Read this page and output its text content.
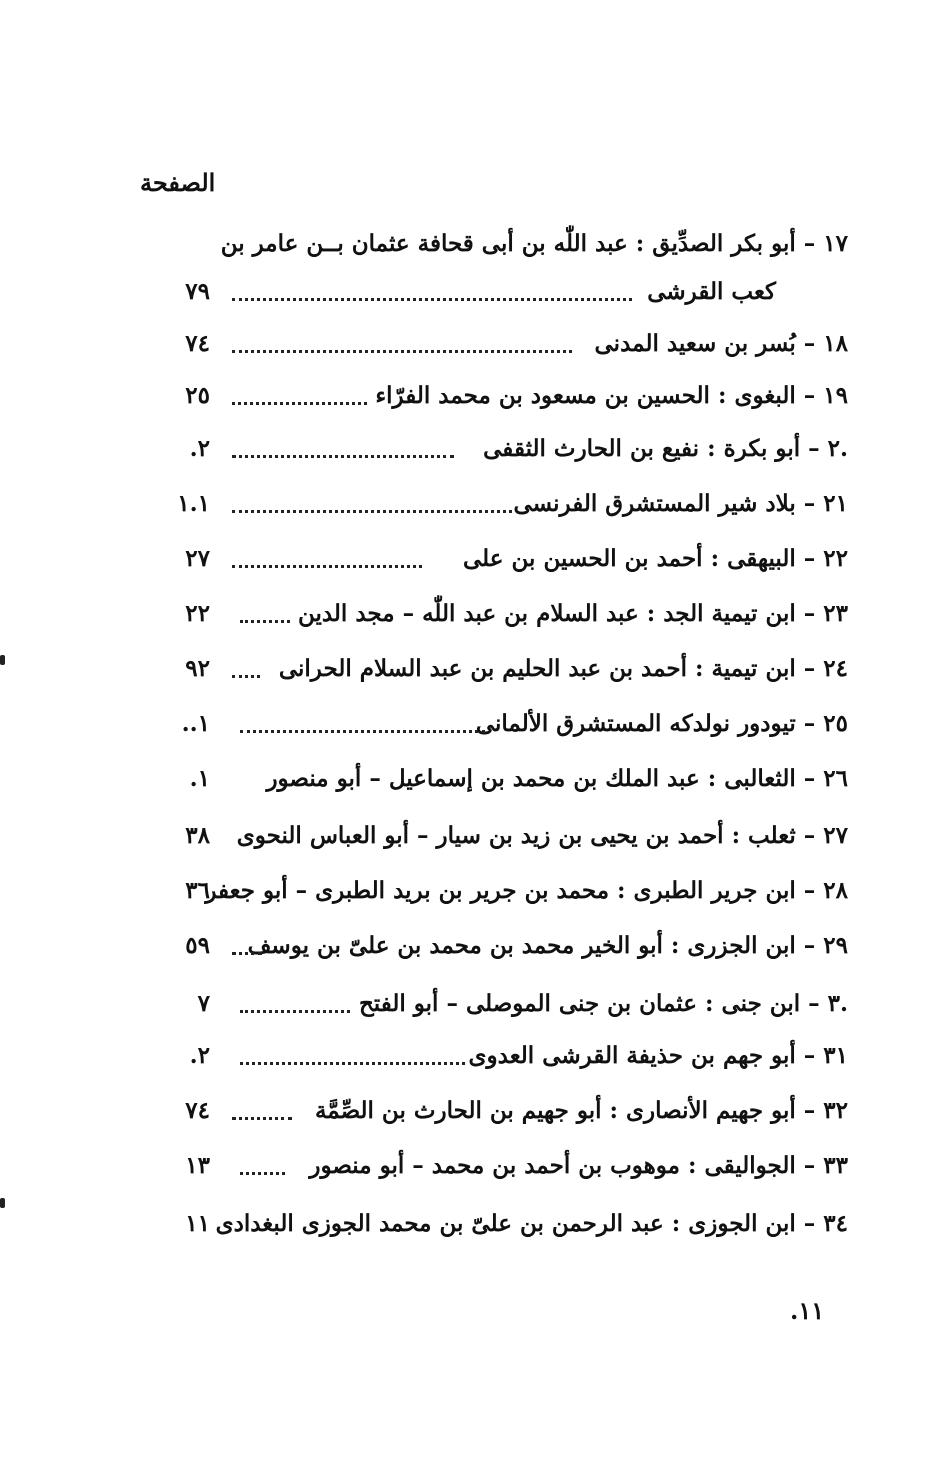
الصفحة
١٧ – أبو بكر الصدِّيق : عبد اللّٰه بن أبى قحافة عثمان بــن عامر بن
كعب القرشى
٧٩
١٨ – بُسر بن سعيد المدنى
٧٤
١٩ – البغوى : الحسين بن مسعود بن محمد الفرّاء
٢٥
.٢ – أبو بكرة : نفيع بن الحارث الثقفى
٢.
٢١ – بلاد شير المستشرق الفرنسى
١.١
٢٢ – البيهقى : أحمد بن الحسين بن على
٢٧
٢٣ – ابن تيمية الجد : عبد السلام بن عبد اللّٰه – مجد الدين
٢٢
٢٤ – ابن تيمية : أحمد بن عبد الحليم بن عبد السلام الحرانى
٩٢
٢٥ – تيودور نولدكه المستشرق الألمانى
١..
٢٦ – الثعالبى : عبد الملك بن محمد بن إسماعيل – أبو منصور
١.
٢٧ – ثعلب : أحمد بن يحيى بن زيد بن سيار – أبو العباس النحوى
٣٨
٢٨ – ابن جرير الطبرى : محمد بن جرير بن بريد الطبرى – أبو جعفر
٣٦
٢٩ – ابن الجزرى : أبو الخير محمد بن محمد بن علىّ بن يوسف
٥٩
.٣ – ابن جنى : عثمان بن جنى الموصلى – أبو الفتح
٧
٣١ – أبو جهم بن حذيفة القرشى العدوى
٢.
٣٢ – أبو جهيم الأنصارى : أبو جهيم بن الحارث بن الصِّمَّة
٧٤
٣٣ – الجواليقى : موهوب بن أحمد بن محمد – أبو منصور
١٣
٣٤ – ابن الجوزى : عبد الرحمن بن علىّ بن محمد الجوزى البغدادى
١١
١١.
